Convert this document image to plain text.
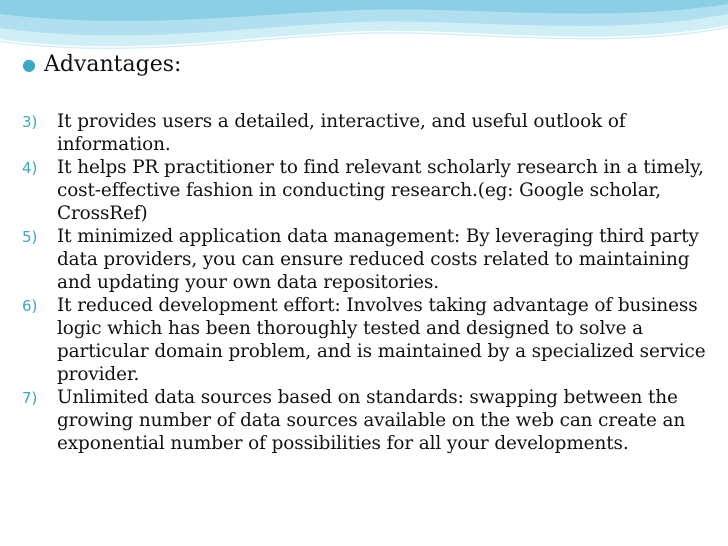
● Advantages:
3)	It provides users a detailed, interactive, and useful outlook of information.
4)	It helps PR practitioner to find relevant scholarly research in a timely, cost-effective fashion in conducting research.(eg: Google scholar, CrossRef)
5)	It minimized application data management: By leveraging third party data providers, you can ensure reduced costs related to maintaining and updating your own data repositories.
6)	It reduced development effort: Involves taking advantage of business logic which has been thoroughly tested and designed to solve a particular domain problem, and is maintained by a specialized service provider.
7)	Unlimited data sources based on standards: swapping between the growing number of data sources available on the web can create an exponential number of possibilities for all your developments.
